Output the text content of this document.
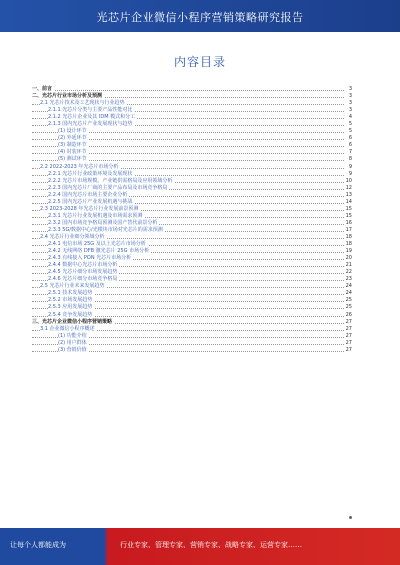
光芯片企业微信小程序营销策略研究报告
内容目录
一、前言	3
二、光芯片行业市场分析及预测	3
2.1 光芯片技术及工艺现状与行业趋势	3
2.1.1 光芯片分类与主要产品性能对比	3
2.1.2 光芯片企业及其 IDM 模式和分工	4
2.1.3 国内光芯片产业发展现状与趋势	5
(1) 设计环节	5
(2) 外延环节	6
(3) 制造环节	6
(4) 封装环节	7
(5) 测试环节	8
2.2 2022-2023 年光芯片市场分析	9
2.2.1 光芯片行业政策环境及发展现状	9
2.2.2 光芯片市场规模、产业链供需格局及应用领域分析	10
2.2.3 国内光芯片厂商的主要产品布局及市场竞争格局	12
2.2.4 国内光芯片市场主要企业分析	13
2.2.5 国内光芯片产业发展机遇与挑战	14
2.3 2023-2028 年光芯片行业发展前景预测	15
2.3.1 光芯片行业发展机遇及市场需求预测	15
2.3.2 国内市场竞争格局预测及国产替代前景分析	16
2.3.3 5G/数据中心/光模块市场对光芯片的需求预测	17
2.4 光芯片行业细分领域分析	18
2.4.1 电信市场 25G 及以上光芯片市场分析	18
2.4.2 无线网络 DFB 激光芯片 25G 市场分析	19
2.4.3 有线接入 PON 光芯片市场分析	20
2.4.4 数据中心光芯片市场分析	21
2.4.5 光芯片细分市场发展趋势	22
2.4.6 光芯片细分市场竞争格局	23
2.5 光芯片行业未来发展趋势	24
2.5.1 技术发展趋势	24
2.5.2 市场发展趋势	25
2.5.3 应用发展趋势	25
2.5.4 竞争发展趋势	26
三、光芯片企业微信小程序营销策略	27
3.1 企业微信小程序概述	27
(1) 功能介绍	27
(2) 用户群体	27
(3) 营销价值	27
让每个人都能成为	行业专家、管理专家、营销专家、战略专家、运营专家……
